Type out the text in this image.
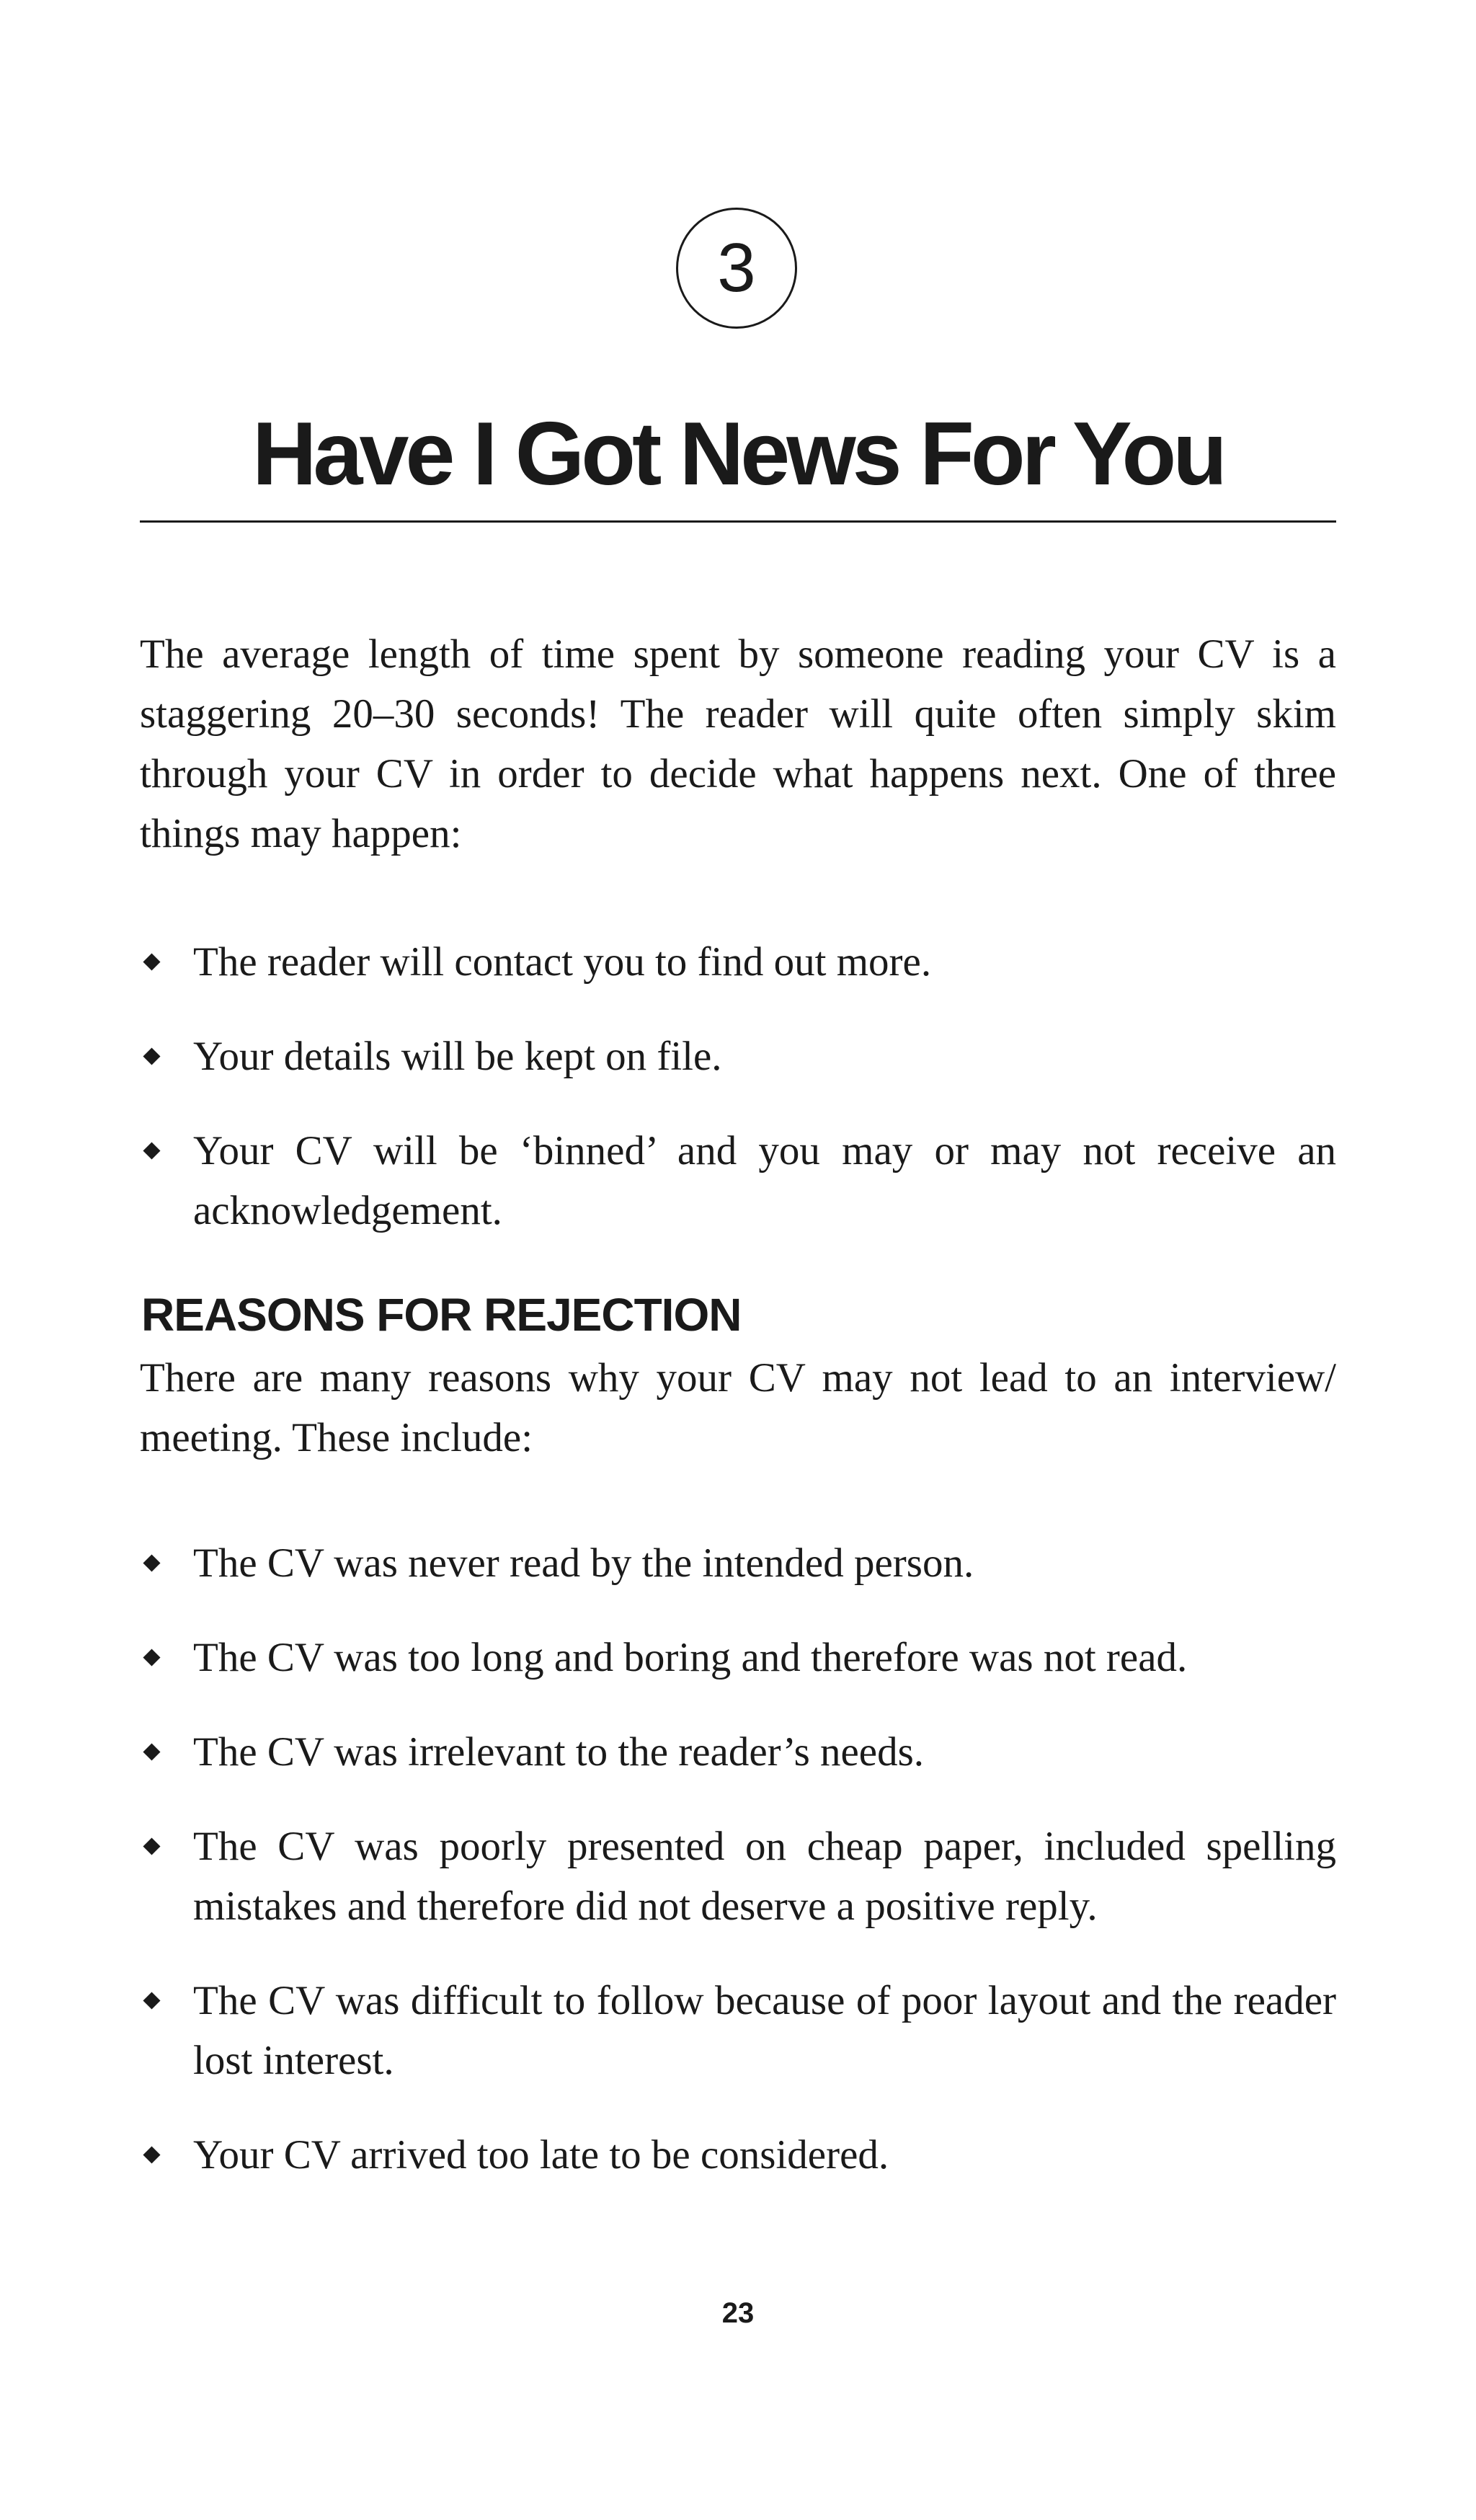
3
Have I Got News For You

The average length of time spent by someone reading your CV is a staggering 20–30 seconds! The reader will quite often simply skim through your CV in order to decide what happens next. One of three things may happen:

The reader will contact you to find out more.
Your details will be kept on file.
Your CV will be ‘binned’ and you may or may not receive an acknowledgement.
REASONS FOR REJECTION

There are many reasons why your CV may not lead to an interview/ meeting. These include:

The CV was never read by the intended person.
The CV was too long and boring and therefore was not read.
The CV was irrelevant to the reader’s needs.
The CV was poorly presented on cheap paper, included spelling mistakes and therefore did not deserve a positive reply.
The CV was difficult to follow because of poor layout and the reader lost interest.
Your CV arrived too late to be considered.
23
